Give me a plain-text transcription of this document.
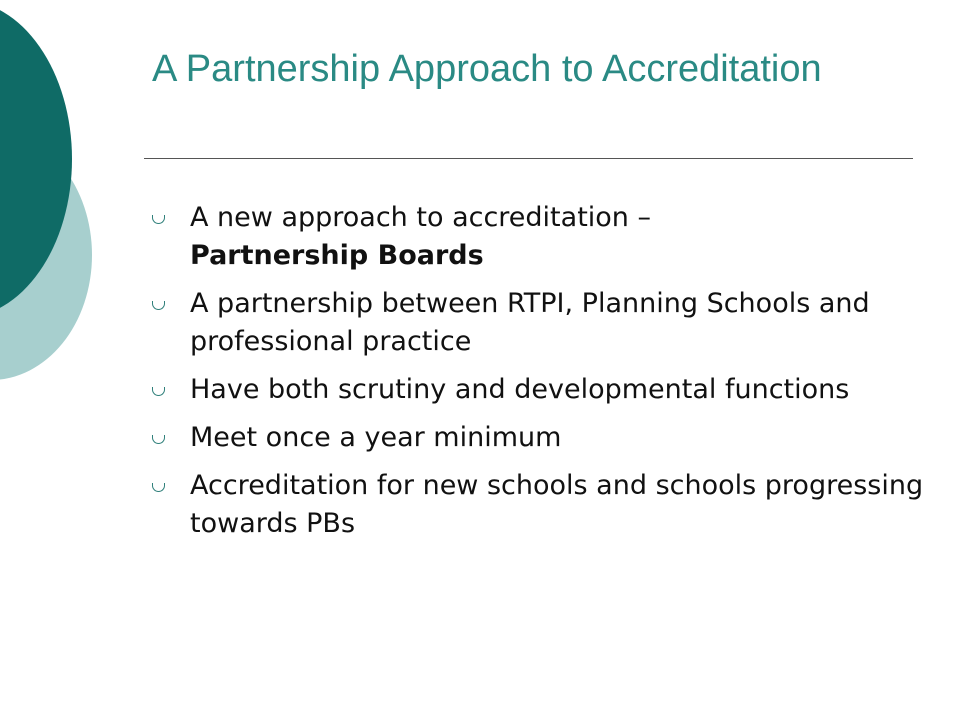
A Partnership Approach to Accreditation
A new approach to accreditation –
Partnership Boards
A partnership between RTPI, Planning Schools and professional practice
Have both scrutiny and developmental functions
Meet once a year minimum
Accreditation for new schools and schools progressing towards PBs
